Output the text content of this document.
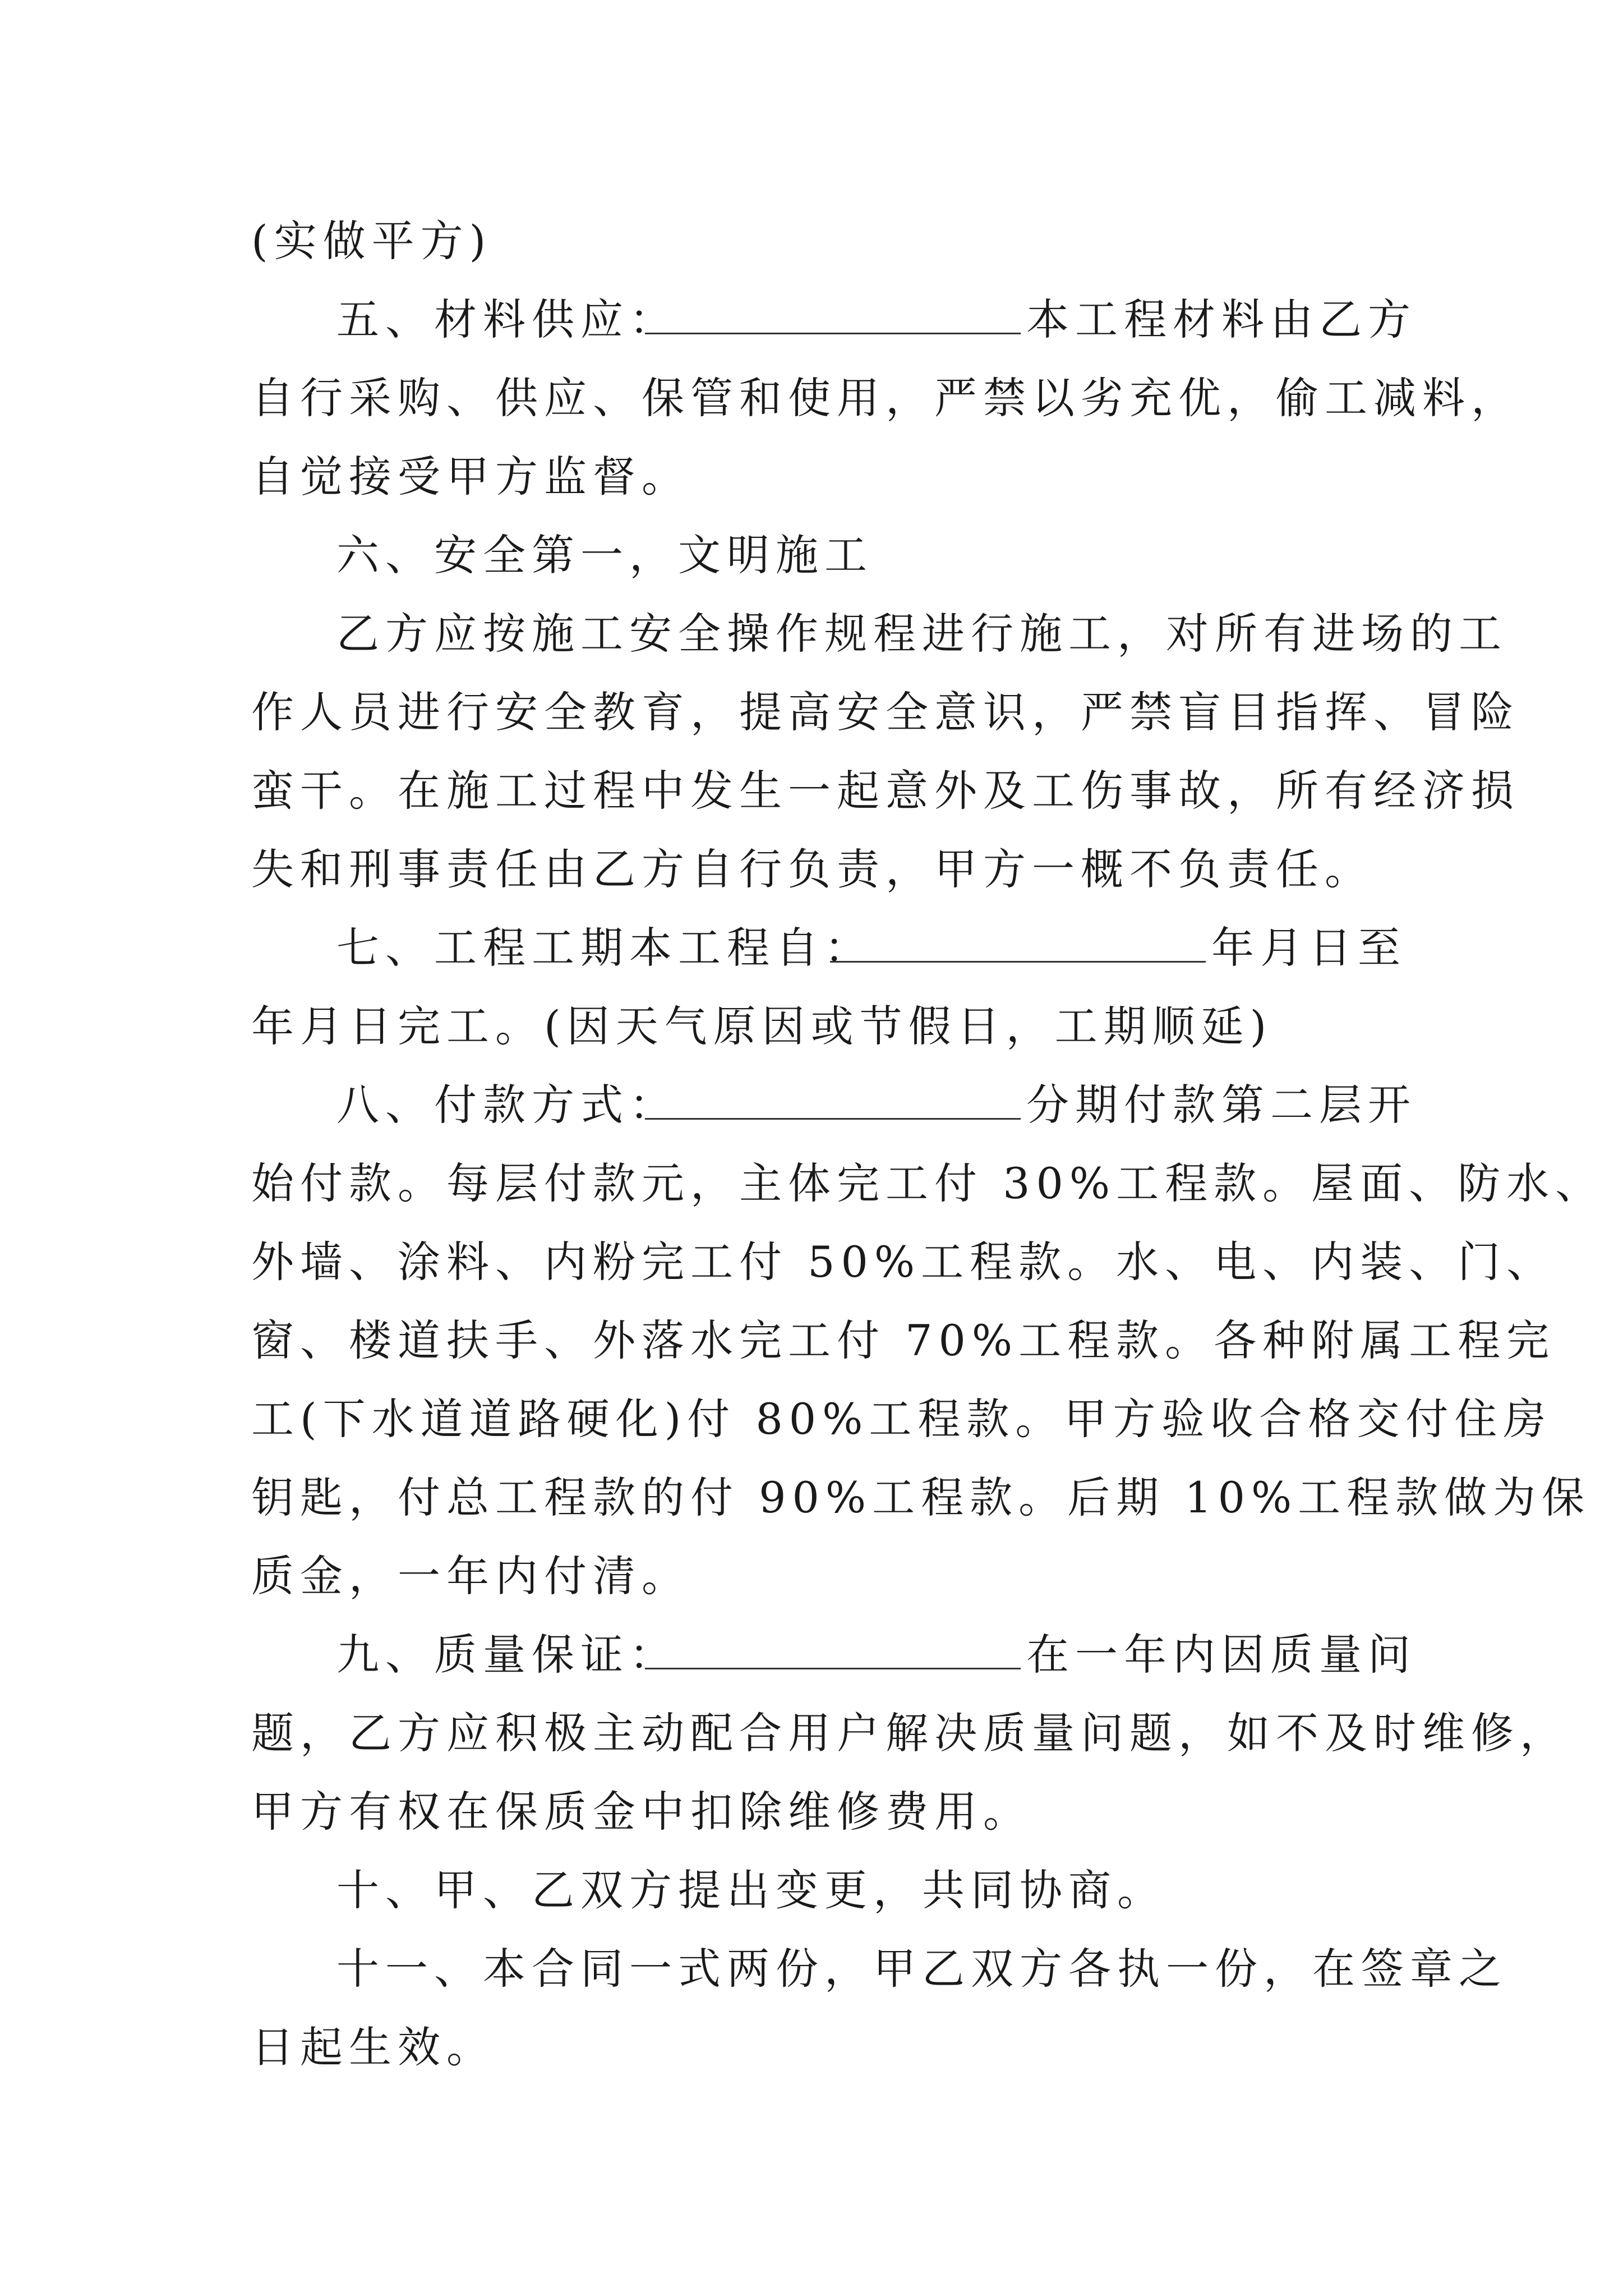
(实做平方)
五、材料供应：	本工程材料由乙方
自行采购、供应、保管和使用，严禁以劣充优，偷工减料，
自觉接受甲方监督。
六、安全第一，文明施工
乙方应按施工安全操作规程进行施工，对所有进场的工
作人员进行安全教育，提高安全意识，严禁盲目指挥、冒险
蛮干。在施工过程中发生一起意外及工伤事故，所有经济损
失和刑事责任由乙方自行负责，甲方一概不负责任。
七、工程工期本工程自：	年月日至
年月日完工。(因天气原因或节假日，工期顺延)
八、付款方式：	分期付款第二层开
始付款。每层付款元，主体完工付 30%工程款。屋面、防水、
外墙、涂料、内粉完工付 50%工程款。水、电、内装、门、
窗、楼道扶手、外落水完工付 70%工程款。各种附属工程完
工(下水道道路硬化)付 80%工程款。甲方验收合格交付住房
钥匙，付总工程款的付 90%工程款。后期 10%工程款做为保
质金，一年内付清。
九、质量保证：	在一年内因质量问
题，乙方应积极主动配合用户解决质量问题，如不及时维修，
甲方有权在保质金中扣除维修费用。
十、甲、乙双方提出变更，共同协商。
十一、本合同一式两份，甲乙双方各执一份，在签章之
日起生效。
